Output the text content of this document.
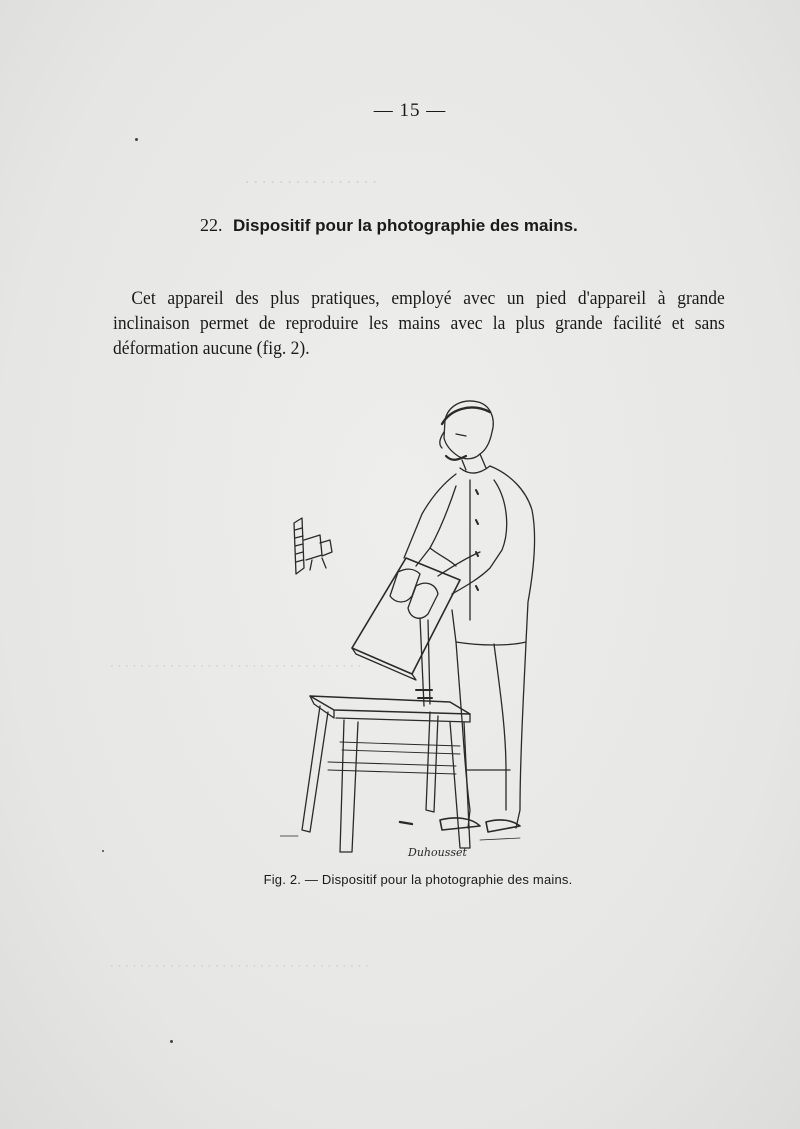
. . . . . . . . . . . . . . . .
. . . . . . . . . . . . . . . . . . . . . . . . . . . . . . . . . .
. . . . . . . . . . . . . . . . . . . . . . . . . . . . . . . . . . .
— 15 —
22. Dispositif pour la photographie des mains.
Cet appareil des plus pratiques, employé avec un pied d'appareil à grande inclinaison permet de reproduire les mains avec la plus grande facilité et sans déformation aucune (fig. 2).
Duhousset
Fig. 2. — Dispositif pour la photographie des mains.
